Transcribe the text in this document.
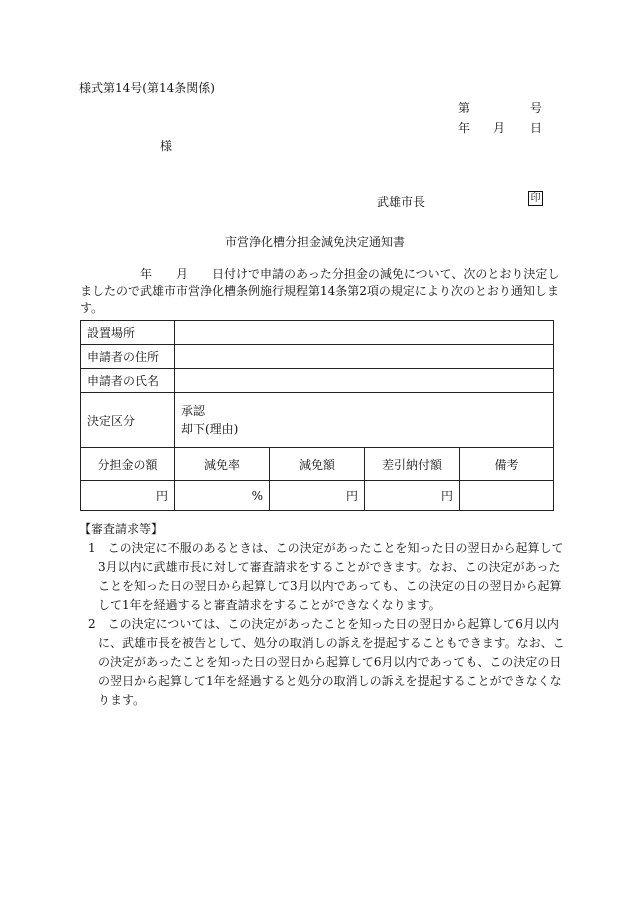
様式第14号(第14条関係)
第	号
年 月 日
様
武雄市長	印
市営浄化槽分担金減免決定通知書
　　　　　年　　月　　日付けで申請のあった分担金の減免について、次のとおり決定し
ましたので武雄市市営浄化槽条例施行規程第14条第2項の規定により次のとおり通知しま
す。
設置場所				
申請者の住所				
申請者の氏名				
決定区分	承認
却下(理由)			

分担金の額	減免率	減免額	差引納付額	備考
円	%	円	円	
【審査請求等】
1　この決定に不服のあるときは、この決定があったことを知った日の翌日から起算して
3月以内に武雄市長に対して審査請求をすることができます。なお、この決定があった
ことを知った日の翌日から起算して3月以内であっても、この決定の日の翌日から起算
して1年を経過すると審査請求をすることができなくなります。
2　この決定については、この決定があったことを知った日の翌日から起算して6月以内
に、武雄市長を被告として、処分の取消しの訴えを提起することもできます。なお、こ
の決定があったことを知った日の翌日から起算して6月以内であっても、この決定の日
の翌日から起算して1年を経過すると処分の取消しの訴えを提起することができなくな
ります。
